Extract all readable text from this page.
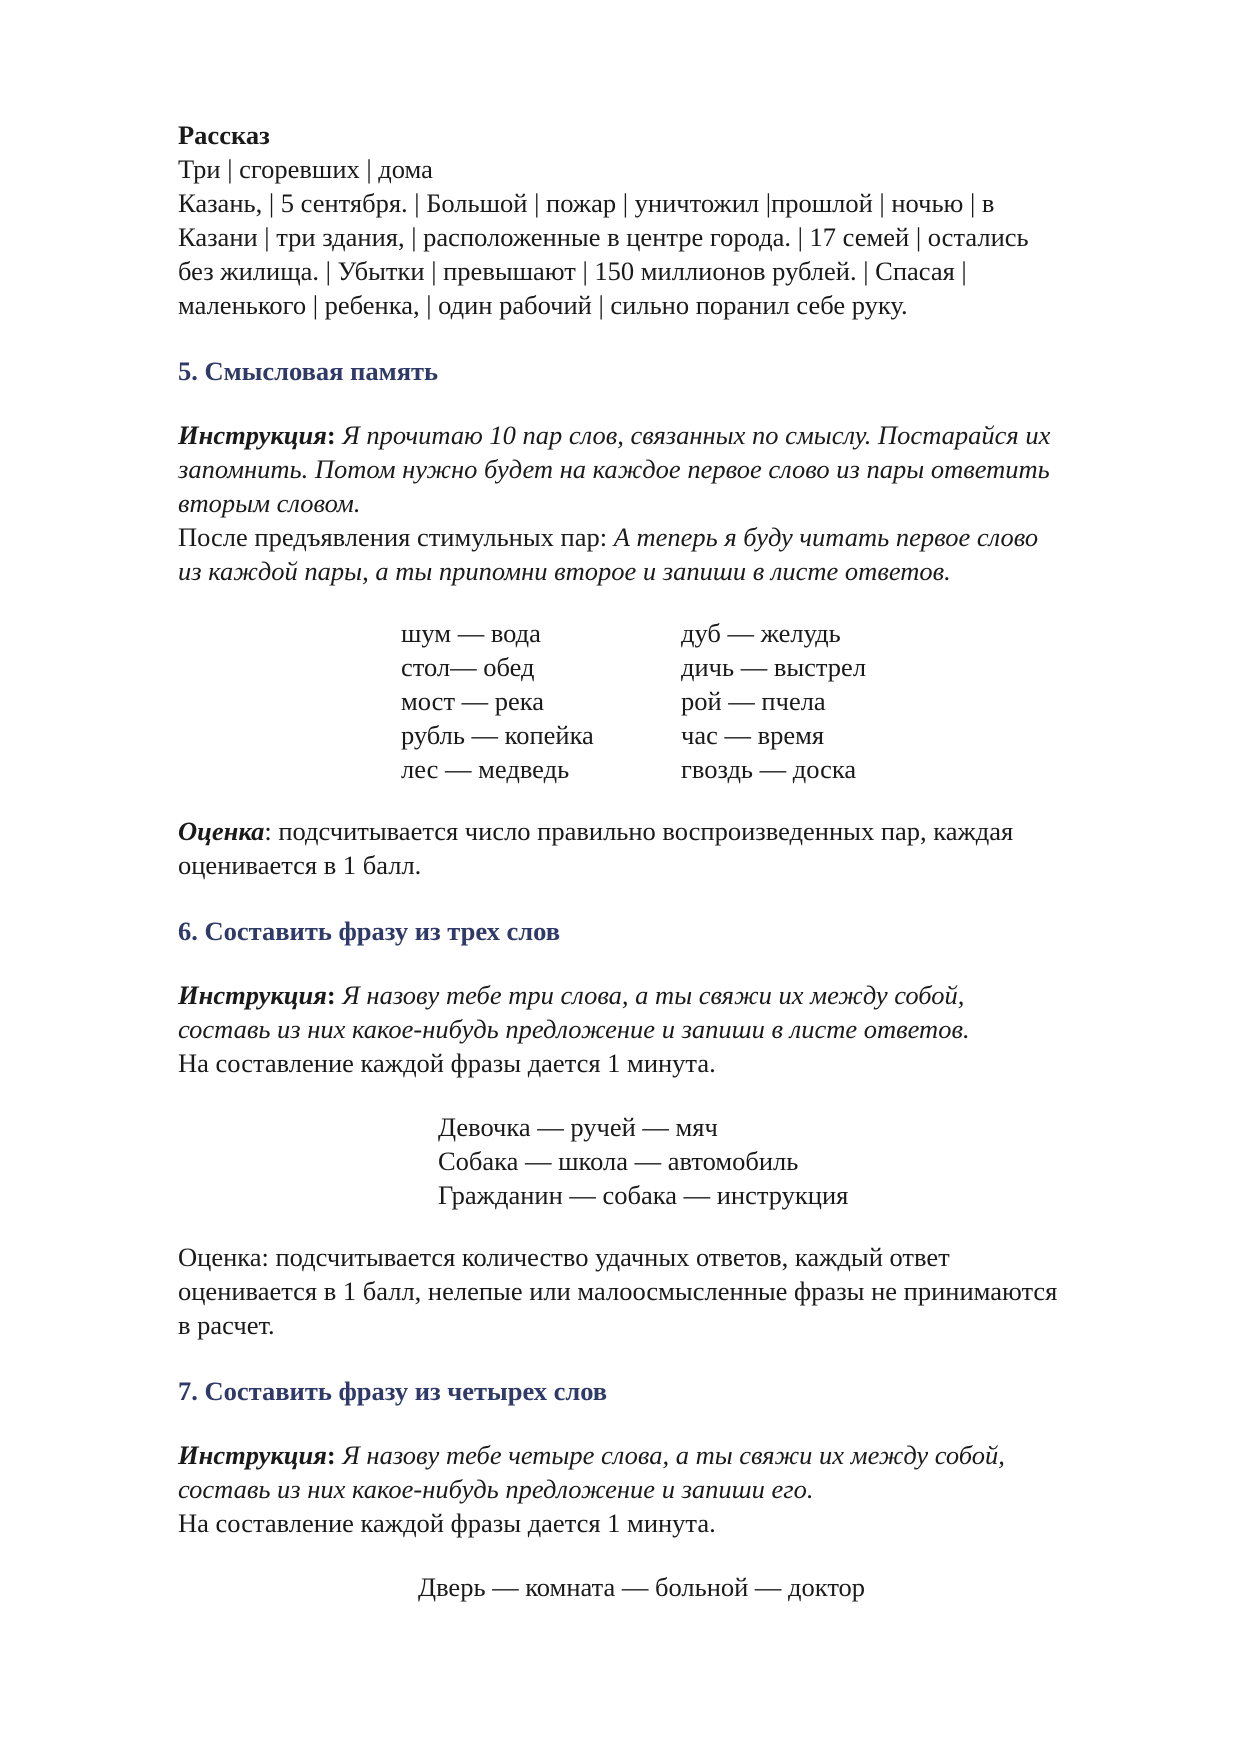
Рассказ
Три | сгоревших | дома
Казань, | 5 сентября. | Большой | пожар | уничтожил |прошлой | ночью | в
Казани | три здания, | расположенные в центре города. | 17 семей | остались
без жилища. | Убытки | превышают | 150 миллионов рублей. | Спасая |
маленького | ребенка, | один рабочий | сильно поранил себе руку.
5. Смысловая память
Инструкция: Я прочитаю 10 пар слов, связанных по смыслу. Постарайся их
запомнить. Потом нужно будет на каждое первое слово из пары ответить
вторым словом.
После предъявления стимульных пар: А теперь я буду читать первое слово
из каждой пары, а ты припомни второе и запиши в листе ответов.
шум — вода
стол— обед
мост — река
рубль — копейка
лес — медведь
дуб — желудь
дичь — выстрел
рой — пчела
час — время
гвоздь — доска
Оценка: подсчитывается число правильно воспроизведенных пар, каждая
оценивается в 1 балл.
6. Составить фразу из трех слов
Инструкция: Я назову тебе три слова, а ты свяжи их между собой,
составь из них какое-нибудь предложение и запиши в листе ответов.
На составление каждой фразы дается 1 минута.
Девочка — ручей — мяч
Собака — школа — автомобиль
Гражданин — собака — инструкция
Оценка: подсчитывается количество удачных ответов, каждый ответ
оценивается в 1 балл, нелепые или малоосмысленные фразы не принимаются
в расчет.
7. Составить фразу из четырех слов
Инструкция: Я назову тебе четыре слова, а ты свяжи их между собой,
составь из них какое-нибудь предложение и запиши его.
На составление каждой фразы дается 1 минута.
Дверь — комната — больной — доктор
